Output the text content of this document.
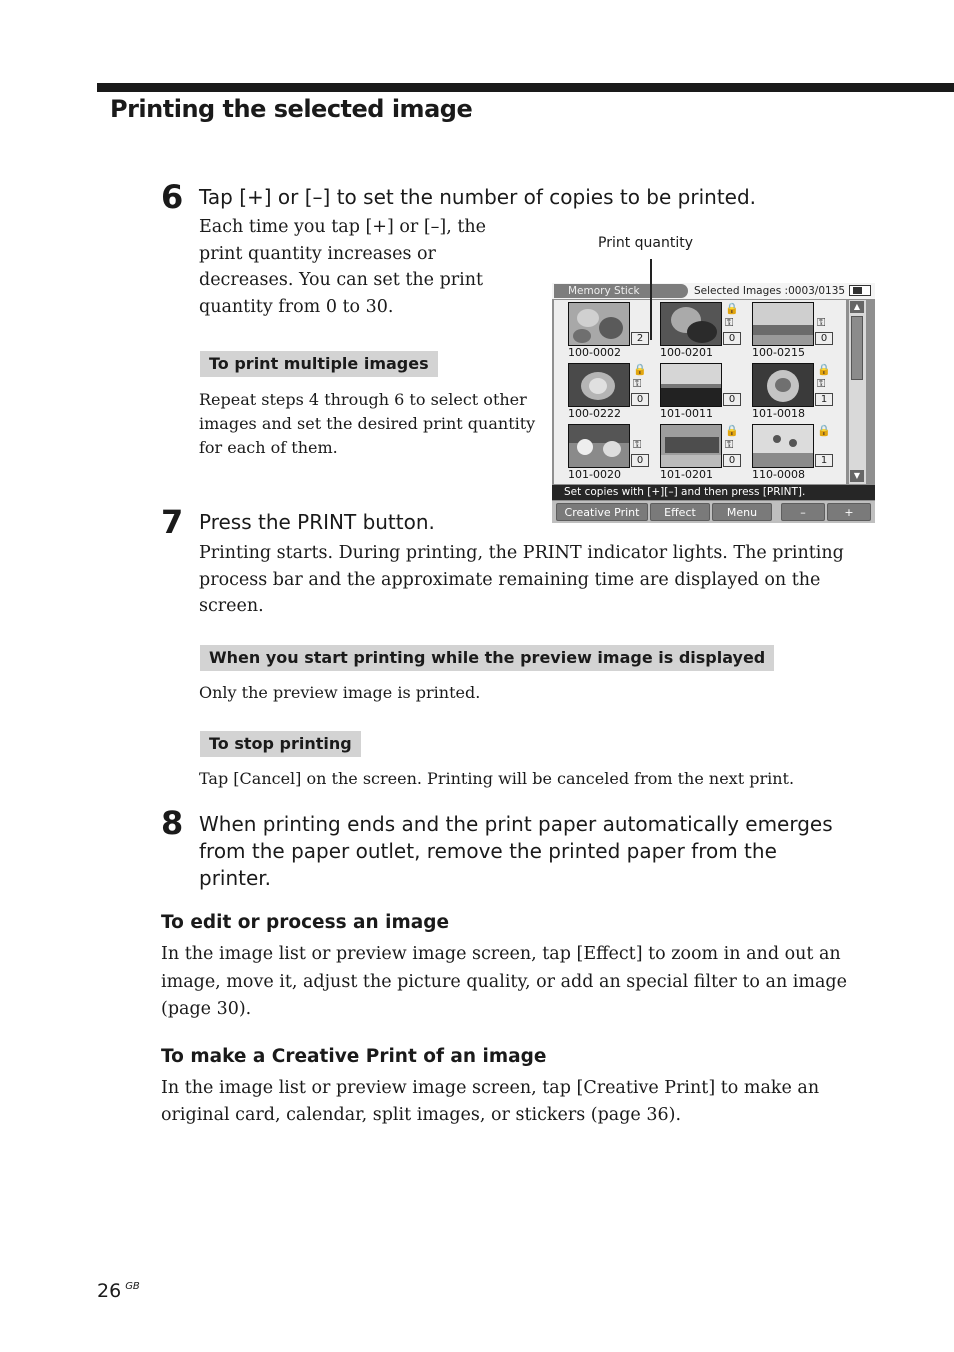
Printing the selected image
6 Tap [+] or [–] to set the number of copies to be printed.
Each time you tap [+] or [–], the
print quantity increases or
decreases. You can set the print
quantity from 0 to 30.
To print multiple images
Repeat steps 4 through 6 to select other
images and set the desired print quantity
for each of them.
Print quantity
Memory Stick	Selected Images :0003/0135
2
100-0002
🔒
⚿
0
100-0201
⚿
0
100-0215
🔒
⚿
0
100-0222
0
101-0011
🔒
⚿
1
101-0018
⚿
0
101-0020
🔒
⚿
0
101-0201
🔒
1
110-0008
▲
▼
Set copies with [+][–] and then press [PRINT].
Creative Print	Effect	Menu	–	+
7 Press the PRINT button.
Printing starts. During printing, the PRINT indicator lights. The printing
process bar and the approximate remaining time are displayed on the
screen.
When you start printing while the preview image is displayed
Only the preview image is printed.
To stop printing
Tap [Cancel] on the screen. Printing will be canceled from the next print.
8 When printing ends and the print paper automatically emerges
from the paper outlet, remove the printed paper from the
printer.
To edit or process an image
In the image list or preview image screen, tap [Effect] to zoom in and out an
image, move it, adjust the picture quality, or add an special filter to an image
(page 30).
To make a Creative Print of an image
In the image list or preview image screen, tap [Creative Print] to make an
original card, calendar, split images, or stickers (page 36).
26 $^{GB}$
